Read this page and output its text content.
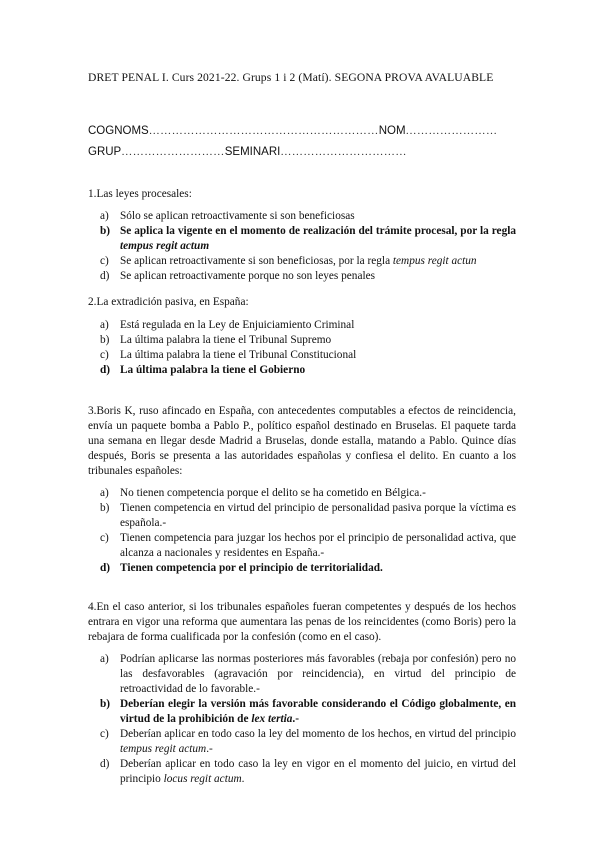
DRET PENAL I. Curs 2021-22. Grups 1 i 2 (Matí). SEGONA PROVA AVALUABLE
COGNOMS……………………………………………………NOM……………………
GRUP………………………SEMINARI……………………………
1.Las leyes procesales:
a) Sólo se aplican retroactivamente si son beneficiosas
b) Se aplica la vigente en el momento de realización del trámite procesal, por la regla tempus regit actum
c) Se aplican retroactivamente si son beneficiosas, por la regla tempus regit actun
d) Se aplican retroactivamente porque no son leyes penales
2.La extradición pasiva, en España:
a) Está regulada en la Ley de Enjuiciamiento Criminal
b) La última palabra la tiene el Tribunal Supremo
c) La última palabra la tiene el Tribunal Constitucional
d) La última palabra la tiene el Gobierno
3.Boris K, ruso afincado en España, con antecedentes computables a efectos de reincidencia, envía un paquete bomba a Pablo P., político español destinado en Bruselas. El paquete tarda una semana en llegar desde Madrid a Bruselas, donde estalla, matando a Pablo. Quince días después, Boris se presenta a las autoridades españolas y confiesa el delito. En cuanto a los tribunales españoles:
a) No tienen competencia porque el delito se ha cometido en Bélgica.-
b) Tienen competencia en virtud del principio de personalidad pasiva porque la víctima es española.-
c) Tienen competencia para juzgar los hechos por el principio de personalidad activa, que alcanza a nacionales y residentes en España.-
d) Tienen competencia por el principio de territorialidad.
4.En el caso anterior, si los tribunales españoles fueran competentes y después de los hechos entrara en vigor una reforma que aumentara las penas de los reincidentes (como Boris) pero la rebajara de forma cualificada por la confesión (como en el caso).
a) Podrían aplicarse las normas posteriores más favorables (rebaja por confesión) pero no las desfavorables (agravación por reincidencia), en virtud del principio de retroactividad de lo favorable.-
b) Deberían elegir la versión más favorable considerando el Código globalmente, en virtud de la prohibición de lex tertia.-
c) Deberían aplicar en todo caso la ley del momento de los hechos, en virtud del principio tempus regit actum.-
d) Deberían aplicar en todo caso la ley en vigor en el momento del juicio, en virtud del principio locus regit actum.
